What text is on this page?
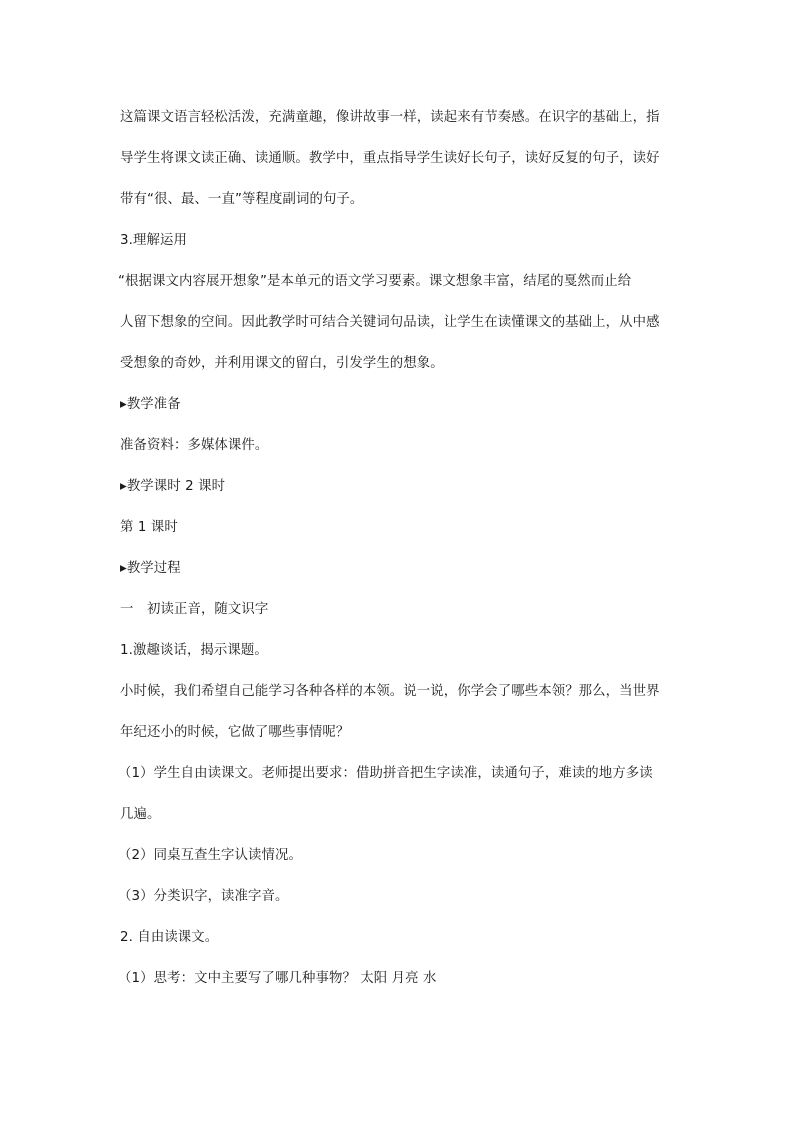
这篇课文语言轻松活泼，充满童趣，像讲故事一样，读起来有节奏感。在识字的基础上，指
导学生将课文读正确、读通顺。教学中，重点指导学生读好长句子，读好反复的句子，读好
带有“很、最、一直”等程度副词的句子。
3.理解运用
“根据课文内容展开想象”是本单元的语文学习要素。课文想象丰富，结尾的戛然而止给
人留下想象的空间。因此教学时可结合关键词句品读，让学生在读懂课文的基础上，从中感
受想象的奇妙，并利用课文的留白，引发学生的想象。
▸教学准备
准备资料：多媒体课件。
▸教学课时 2 课时
第 1 课时
▸教学过程
一　初读正音，随文识字
1.激趣谈话，揭示课题。
小时候，我们希望自己能学习各种各样的本领。说一说，你学会了哪些本领？那么，当世界
年纪还小的时候，它做了哪些事情呢？
（1）学生自由读课文。老师提出要求：借助拼音把生字读准，读通句子，难读的地方多读
几遍。
（2）同桌互查生字认读情况。
（3）分类识字，读准字音。
2. 自由读课文。
（1）思考：文中主要写了哪几种事物？ 太阳 月亮 水
